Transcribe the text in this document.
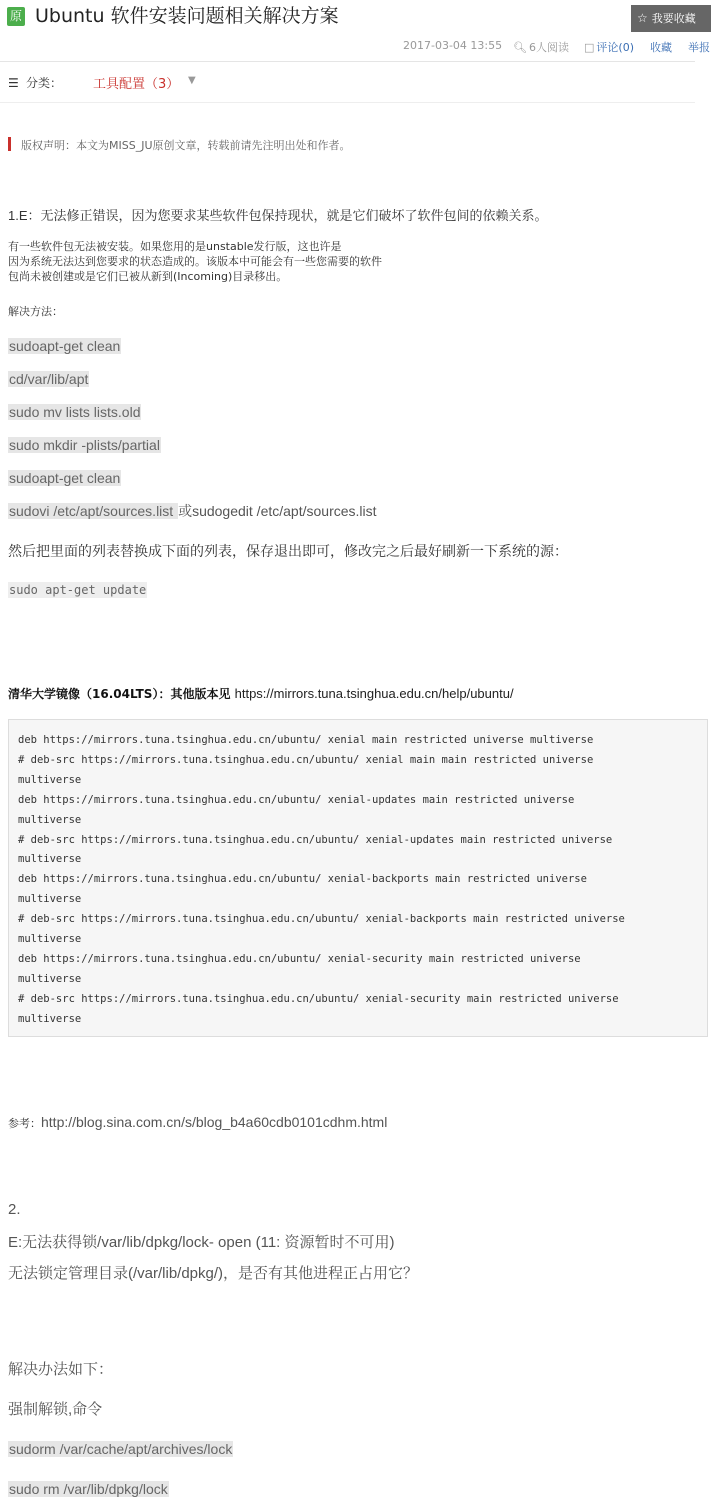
原 Ubuntu 软件安装问题相关解决方案	☆ 我要收藏
2017-03-04 13:55 🔍︎ 6人阅读 □ 评论(0) 收藏 举报
☰ 分类： 工具配置（3） ▼
版权声明：本文为MISS_JU原创文章，转载前请先注明出处和作者。
1.E：无法修正错误，因为您要求某些软件包保持现状，就是它们破坏了软件包间的依赖关系。
有一些软件包无法被安装。如果您用的是unstable发行版，这也许是
因为系统无法达到您要求的状态造成的。该版本中可能会有一些您需要的软件
包尚未被创建或是它们已被从新到(Incoming)目录移出。
解决方法：
sudoapt-get clean
cd/var/lib/apt
sudo mv lists lists.old
sudo mkdir -plists/partial
sudoapt-get clean
sudovi /etc/apt/sources.list 或sudogedit /etc/apt/sources.list
然后把里面的列表替换成下面的列表，保存退出即可，修改完之后最好刷新一下系统的源：
sudo apt-get update
清华大学镜像（16.04LTS）：其他版本见 https://mirrors.tuna.tsinghua.edu.cn/help/ubuntu/
deb https://mirrors.tuna.tsinghua.edu.cn/ubuntu/ xenial main restricted universe multiverse
# deb-src https://mirrors.tuna.tsinghua.edu.cn/ubuntu/ xenial main main restricted universe
multiverse
deb https://mirrors.tuna.tsinghua.edu.cn/ubuntu/ xenial-updates main restricted universe
multiverse
# deb-src https://mirrors.tuna.tsinghua.edu.cn/ubuntu/ xenial-updates main restricted universe
multiverse
deb https://mirrors.tuna.tsinghua.edu.cn/ubuntu/ xenial-backports main restricted universe
multiverse
# deb-src https://mirrors.tuna.tsinghua.edu.cn/ubuntu/ xenial-backports main restricted universe
multiverse
deb https://mirrors.tuna.tsinghua.edu.cn/ubuntu/ xenial-security main restricted universe
multiverse
# deb-src https://mirrors.tuna.tsinghua.edu.cn/ubuntu/ xenial-security main restricted universe
multiverse
参考：http://blog.sina.com.cn/s/blog_b4a60cdb0101cdhm.html
2.
E:无法获得锁/var/lib/dpkg/lock- open (11: 资源暂时不可用)
无法锁定管理目录(/var/lib/dpkg/)，是否有其他进程正占用它？
解决办法如下：
强制解锁,命令
sudorm /var/cache/apt/archives/lock
sudo rm /var/lib/dpkg/lock
